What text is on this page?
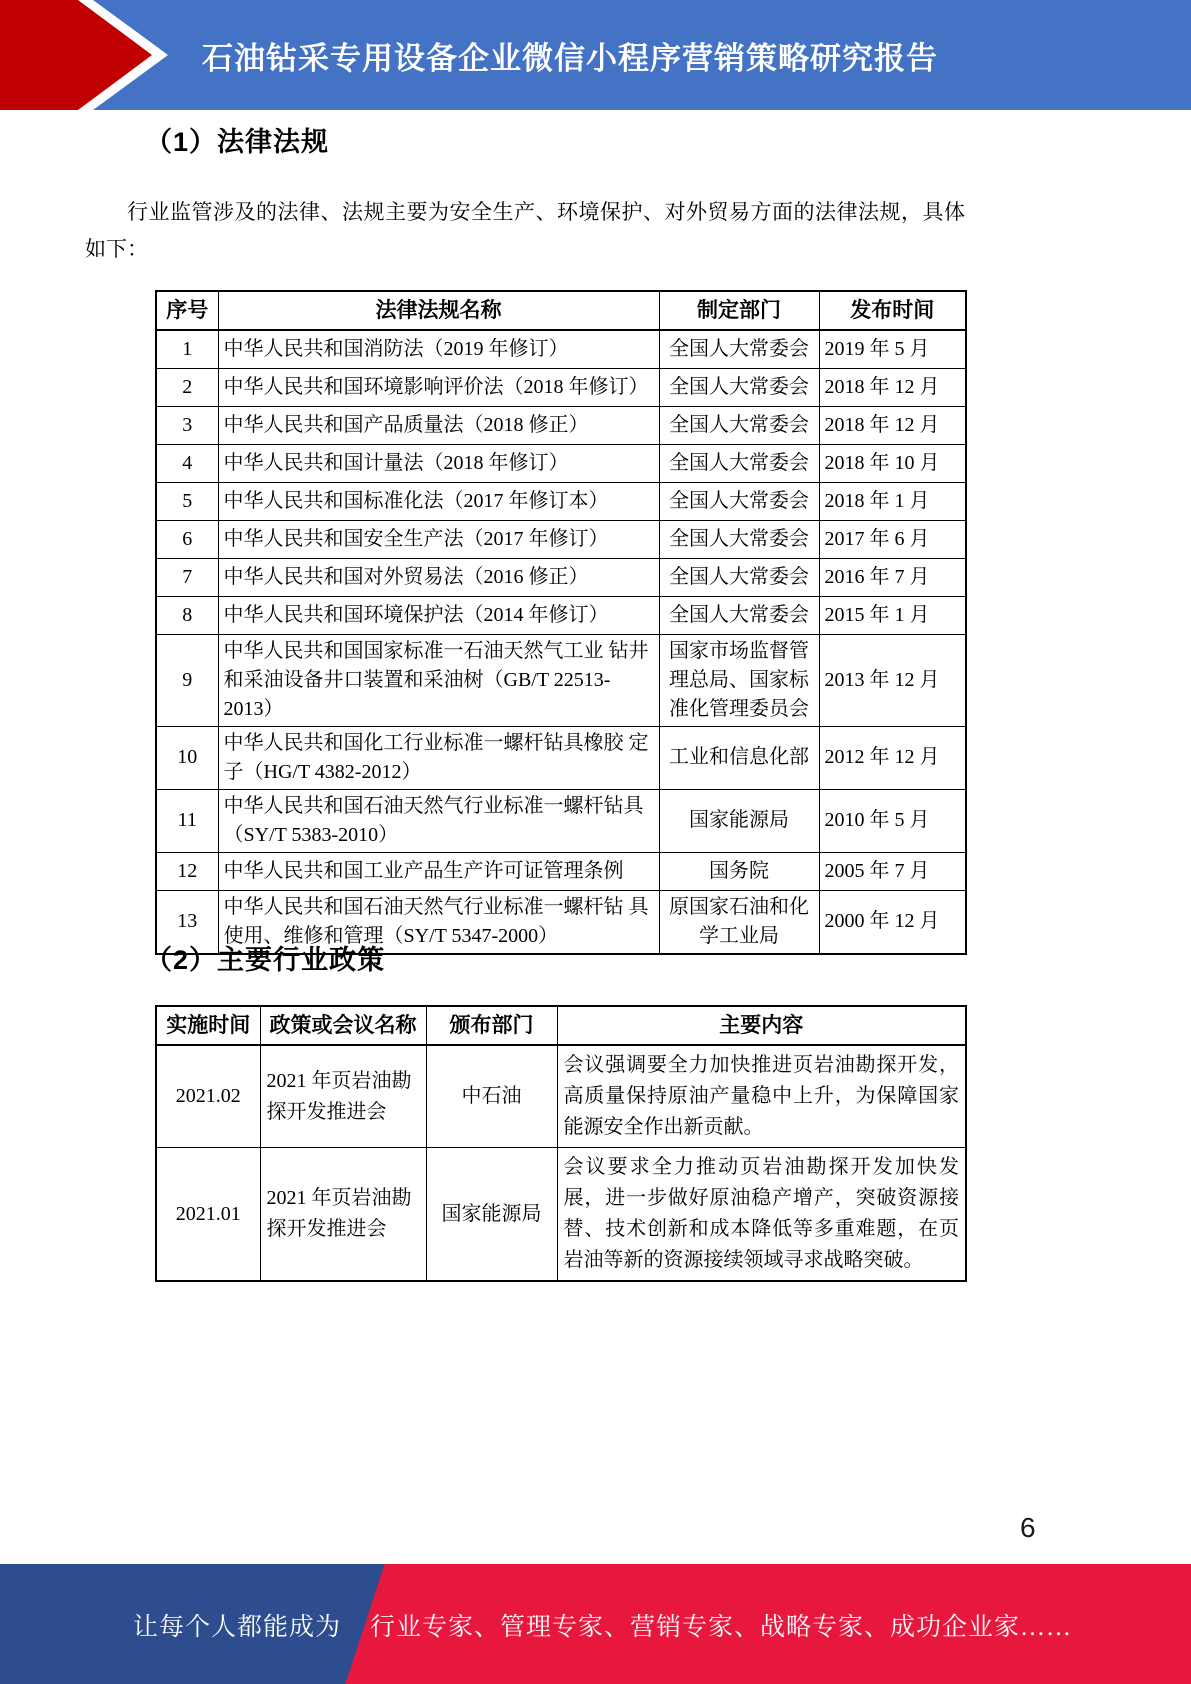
石油钻采专用设备企业微信小程序营销策略研究报告
（1）法律法规
行业监管涉及的法律、法规主要为安全生产、环境保护、对外贸易方面的法律法规，具体如下：
序号	法律法规名称	制定部门	发布时间
1	中华人民共和国消防法（2019 年修订）	全国人大常委会	2019 年 5 月
2	中华人民共和国环境影响评价法（2018 年修订）	全国人大常委会	2018 年 12 月
3	中华人民共和国产品质量法（2018 修正）	全国人大常委会	2018 年 12 月
4	中华人民共和国计量法（2018 年修订）	全国人大常委会	2018 年 10 月
5	中华人民共和国标准化法（2017 年修订本）	全国人大常委会	2018 年 1 月
6	中华人民共和国安全生产法（2017 年修订）	全国人大常委会	2017 年 6 月
7	中华人民共和国对外贸易法（2016 修正）	全国人大常委会	2016 年 7 月
8	中华人民共和国环境保护法（2014 年修订）	全国人大常委会	2015 年 1 月
9	中华人民共和国国家标准一石油天然气工业 钻井和采油设备井口装置和采油树（GB/T 22513-2013）	国家市场监督管理总局、国家标准化管理委员会	2013 年 12 月
10	中华人民共和国化工行业标准一螺杆钻具橡胶 定子（HG/T 4382-2012）	工业和信息化部	2012 年 12 月
11	中华人民共和国石油天然气行业标准一螺杆钻具（SY/T 5383-2010）	国家能源局	2010 年 5 月
12	中华人民共和国工业产品生产许可证管理条例	国务院	2005 年 7 月
13	中华人民共和国石油天然气行业标准一螺杆钻 具使用、维修和管理（SY/T 5347-2000）	原国家石油和化学工业局	2000 年 12 月
（2）主要行业政策
实施时间	政策或会议名称	颁布部门	主要内容
2021.02	2021 年页岩油勘探开发推进会	中石油	会议强调要全力加快推进页岩油勘探开发， 高质量保持原油产量稳中上升，为保障国家 能源安全作出新贡献。
2021.01	2021 年页岩油勘探开发推进会	国家能源局	会议要求全力推动页岩油勘探开发加快发 展，进一步做好原油稳产增产，突破资源接 替、技术创新和成本降低等多重难题，在页 岩油等新的资源接续领域寻求战略突破。
6
让每个人都能成为 行业专家、管理专家、营销专家、战略专家、成功企业家……
